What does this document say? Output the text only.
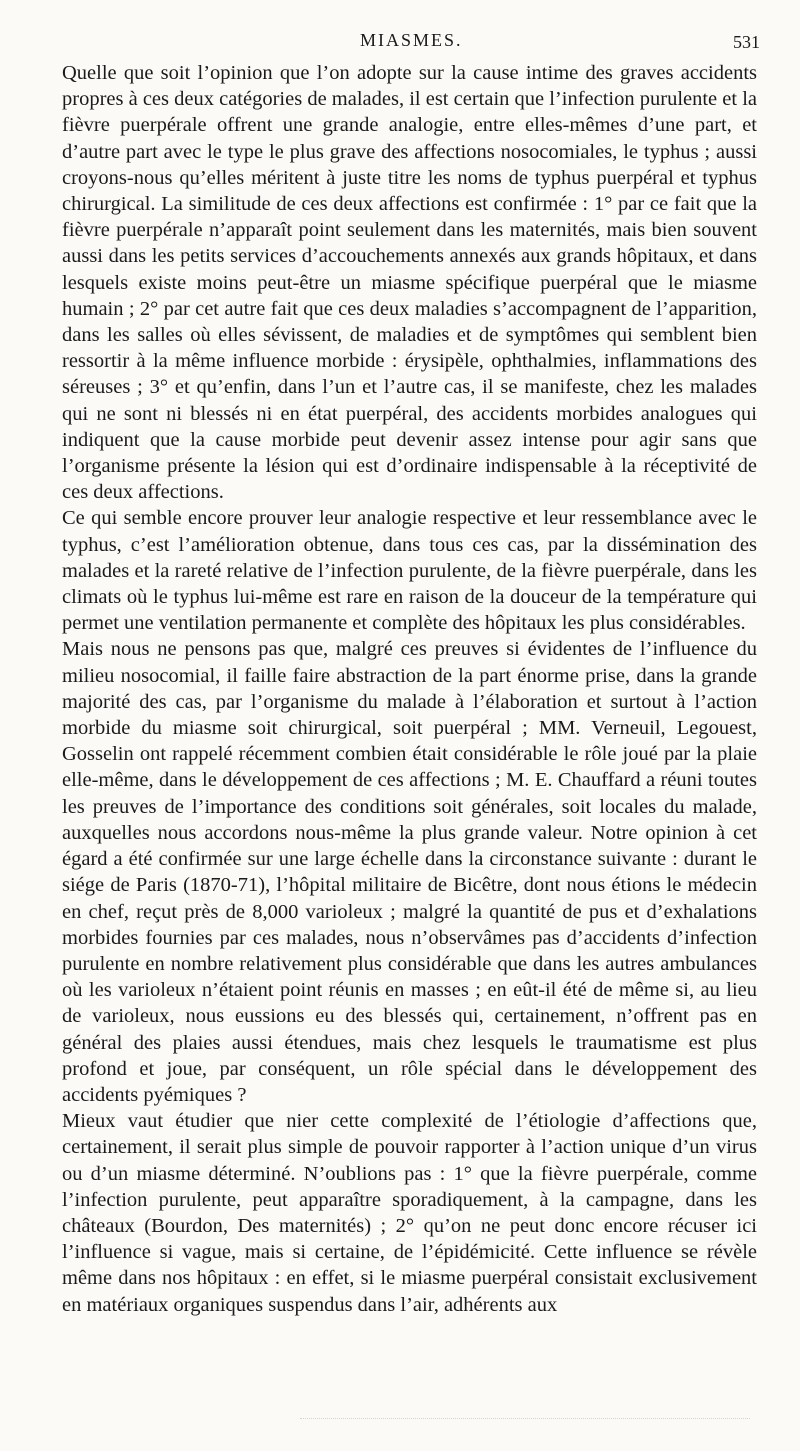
MIASMES.	531

Quelle que soit l’opinion que l’on adopte sur la cause intime des graves accidents propres à ces deux catégories de malades, il est certain que l’infection purulente et la fièvre puerpérale offrent une grande analogie, entre elles-mêmes d’une part, et d’autre part avec le type le plus grave des affections nosocomiales, le typhus ; aussi croyons-nous qu’elles méritent à juste titre les noms de typhus puerpéral et typhus chirurgical. La similitude de ces deux affections est confirmée : 1° par ce fait que la fièvre puerpérale n’apparaît point seulement dans les maternités, mais bien souvent aussi dans les petits services d’accouchements annexés aux grands hôpitaux, et dans lesquels existe moins peut-être un miasme spécifique puerpéral que le miasme humain ; 2° par cet autre fait que ces deux maladies s’accompagnent de l’apparition, dans les salles où elles sévissent, de maladies et de symptômes qui semblent bien ressortir à la même influence morbide : érysipèle, ophthalmies, inflammations des séreuses ; 3° et qu’enfin, dans l’un et l’autre cas, il se manifeste, chez les malades qui ne sont ni blessés ni en état puerpéral, des accidents morbides analogues qui indiquent que la cause morbide peut devenir assez intense pour agir sans que l’organisme présente la lésion qui est d’ordinaire indispensable à la réceptivité de ces deux affections.

Ce qui semble encore prouver leur analogie respective et leur ressemblance avec le typhus, c’est l’amélioration obtenue, dans tous ces cas, par la dissémination des malades et la rareté relative de l’infection purulente, de la fièvre puerpérale, dans les climats où le typhus lui-même est rare en raison de la douceur de la température qui permet une ventilation permanente et complète des hôpitaux les plus considérables.

Mais nous ne pensons pas que, malgré ces preuves si évidentes de l’influence du milieu nosocomial, il faille faire abstraction de la part énorme prise, dans la grande majorité des cas, par l’organisme du malade à l’élaboration et surtout à l’action morbide du miasme soit chirurgical, soit puerpéral ; MM. Verneuil, Legouest, Gosselin ont rappelé récemment combien était considérable le rôle joué par la plaie elle-même, dans le développement de ces affections ; M. E. Chauffard a réuni toutes les preuves de l’importance des conditions soit générales, soit locales du malade, auxquelles nous accordons nous-même la plus grande valeur. Notre opinion à cet égard a été confirmée sur une large échelle dans la circonstance suivante : durant le siége de Paris (1870-71), l’hôpital militaire de Bicêtre, dont nous étions le médecin en chef, reçut près de 8,000 varioleux ; malgré la quantité de pus et d’exhalations morbides fournies par ces malades, nous n’observâmes pas d’accidents d’infection purulente en nombre relativement plus considérable que dans les autres ambulances où les varioleux n’étaient point réunis en masses ; en eût-il été de même si, au lieu de varioleux, nous eussions eu des blessés qui, certainement, n’offrent pas en général des plaies aussi étendues, mais chez lesquels le traumatisme est plus profond et joue, par conséquent, un rôle spécial dans le développement des accidents pyémiques ?

Mieux vaut étudier que nier cette complexité de l’étiologie d’affections que, certainement, il serait plus simple de pouvoir rapporter à l’action unique d’un virus ou d’un miasme déterminé. N’oublions pas : 1° que la fièvre puerpérale, comme l’infection purulente, peut apparaître sporadiquement, à la campagne, dans les châteaux (Bourdon, Des maternités) ; 2° qu’on ne peut donc encore récuser ici l’influence si vague, mais si certaine, de l’épidémicité. Cette influence se révèle même dans nos hôpitaux : en effet, si le miasme puerpéral consistait exclusivement en matériaux organiques suspendus dans l’air, adhérents aux
